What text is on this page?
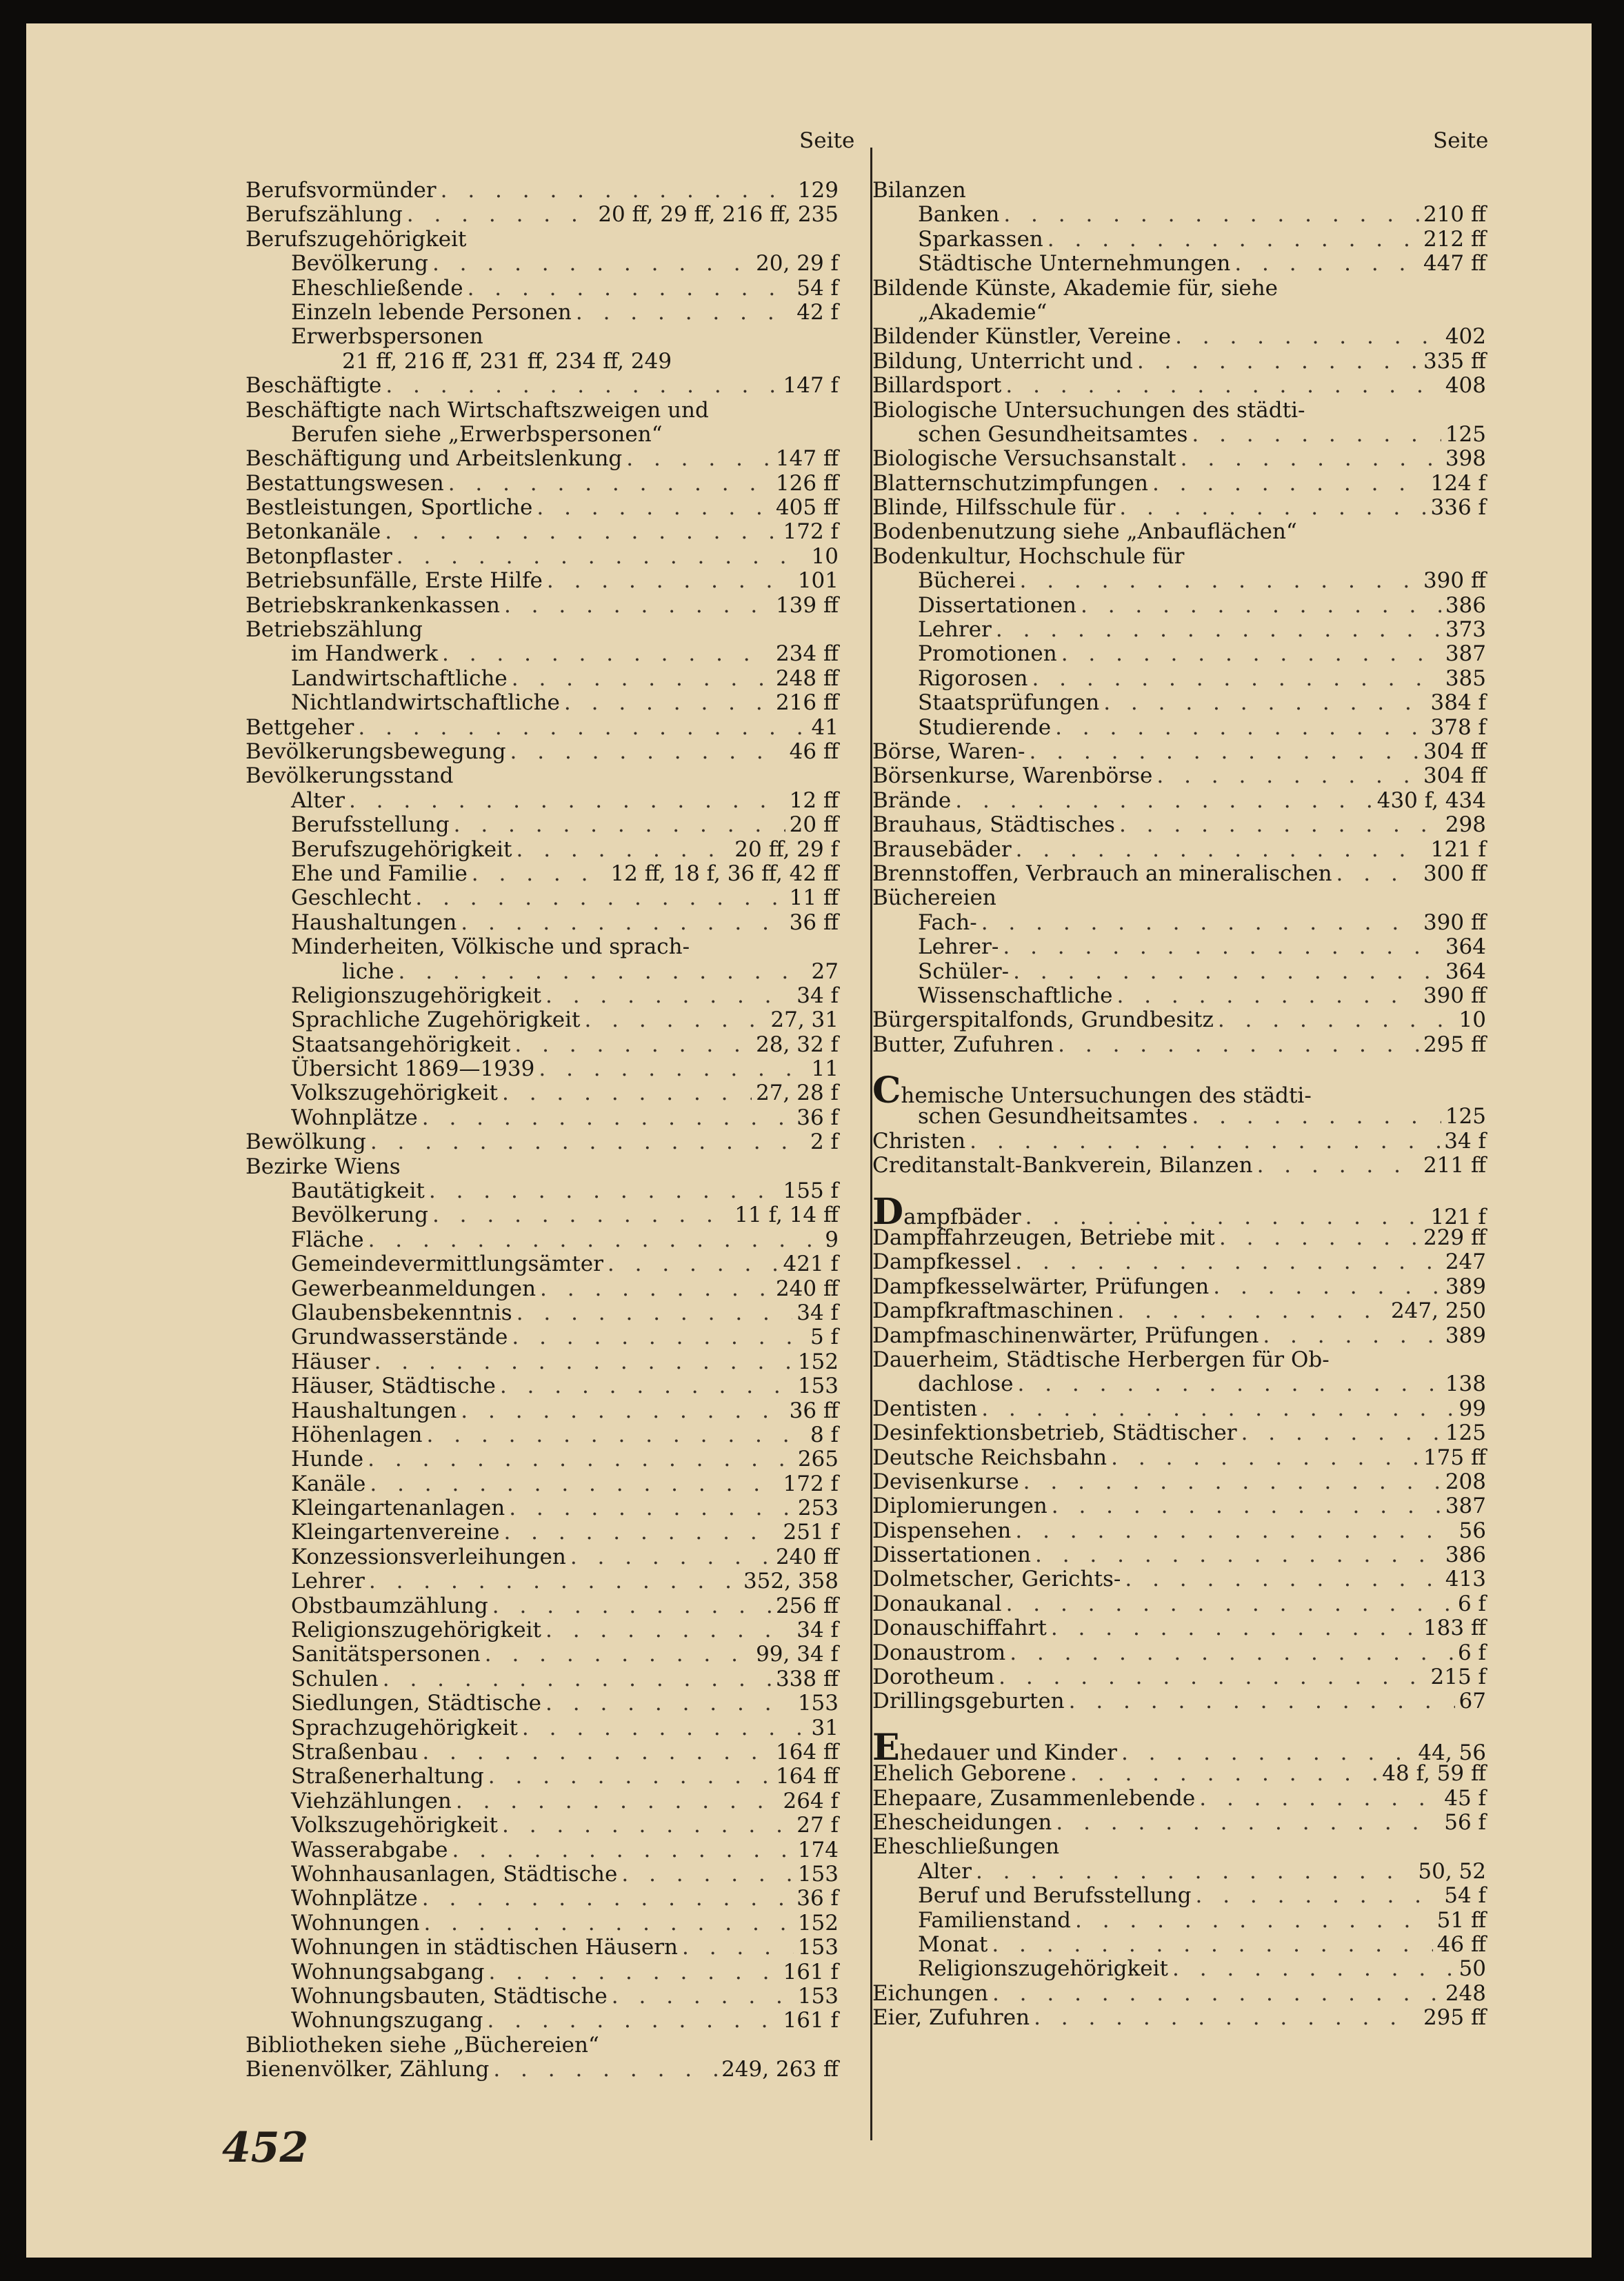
Seite
Berufsvormünder . . .	129
Berufszählung . . .	20 ff, 29 ff, 216 ff, 235
Berufszugehörigkeit
Bevölkerung . . .	20, 29 f
Eheschließende . . .	54 f
Einzeln lebende Personen . . .	42 f
Erwerbspersonen
21 ff, 216 ff, 231 ff, 234 ff, 249
Beschäftigte . . .	147 f
Beschäftigte nach Wirtschaftszweigen und
Berufen siehe „Erwerbspersonen“
Beschäftigung und Arbeitslenkung . . .	147 ff
Bestattungswesen . . .	126 ff
Bestleistungen, Sportliche . . .	405 ff
Betonkanäle . . .	172 f
Betonpflaster . . .	10
Betriebsunfälle, Erste Hilfe . . .	101
Betriebskrankenkassen . . .	139 ff
Betriebszählung
im Handwerk . . .	234 ff
Landwirtschaftliche . . .	248 ff
Nichtlandwirtschaftliche . . .	216 ff
Bettgeher . . .	41
Bevölkerungsbewegung . . .	46 ff
Bevölkerungsstand
Alter . . .	12 ff
Berufsstellung . . .	20 ff
Berufszugehörigkeit . . .	20 ff, 29 f
Ehe und Familie . . .	12 ff, 18 f, 36 ff, 42 ff
Geschlecht . . .	11 ff
Haushaltungen . . .	36 ff
Minderheiten, Völkische und sprach-
liche . . .	27
Religionszugehörigkeit . . .	34 f
Sprachliche Zugehörigkeit . . .	27, 31
Staatsangehörigkeit . . .	28, 32 f
Übersicht 1869—1939 . . .	11
Volkszugehörigkeit . . .	27, 28 f
Wohnplätze . . .	36 f
Bewölkung . . .	2 f
Bezirke Wiens
Bautätigkeit . . .	155 f
Bevölkerung . . .	11 f, 14 ff
Fläche . . .	9
Gemeindevermittlungsämter . . .	421 f
Gewerbeanmeldungen . . .	240 ff
Glaubensbekenntnis . . .	34 f
Grundwasserstände . . .	5 f
Häuser . . .	152
Häuser, Städtische . . .	153
Haushaltungen . . .	36 ff
Höhenlagen . . .	8 f
Hunde . . .	265
Kanäle . . .	172 f
Kleingartenanlagen . . .	253
Kleingartenvereine . . .	251 f
Konzessionsverleihungen . . .	240 ff
Lehrer . . .	352, 358
Obstbaumzählung . . .	256 ff
Religionszugehörigkeit . . .	34 f
Sanitätspersonen . . .	99, 34 f
Schulen . . .	338 ff
Siedlungen, Städtische . . .	153
Sprachzugehörigkeit . . .	31
Straßenbau . . .	164 ff
Straßenerhaltung . . .	164 ff
Viehzählungen . . .	264 f
Volkszugehörigkeit . . .	27 f
Wasserabgabe . . .	174
Wohnhausanlagen, Städtische . . .	153
Wohnplätze . . .	36 f
Wohnungen . . .	152
Wohnungen in städtischen Häusern . . .	153
Wohnungsabgang . . .	161 f
Wohnungsbauten, Städtische . . .	153
Wohnungszugang . . .	161 f
Bibliotheken siehe „Büchereien“
Bienenvölker, Zählung . . .	249, 263 ff
Seite
Bilanzen
Banken . . .	210 ff
Sparkassen . . .	212 ff
Städtische Unternehmungen . . .	447 ff
Bildende Künste, Akademie für, siehe
„Akademie“
Bildender Künstler, Vereine . . .	402
Bildung, Unterricht und . . .	335 ff
Billardsport . . .	408
Biologische Untersuchungen des städti-
schen Gesundheitsamtes . . .	125
Biologische Versuchsanstalt . . .	398
Blatternschutzimpfungen . . .	124 f
Blinde, Hilfsschule für . . .	336 f
Bodenbenutzung siehe „Anbauflächen“
Bodenkultur, Hochschule für
Bücherei . . .	390 ff
Dissertationen . . .	386
Lehrer . . .	373
Promotionen . . .	387
Rigorosen . . .	385
Staatsprüfungen . . .	384 f
Studierende . . .	378 f
Börse, Waren- . . .	304 ff
Börsenkurse, Warenbörse . . .	304 ff
Brände . . .	430 f, 434
Brauhaus, Städtisches . . .	298
Brausebäder . . .	121 f
Brennstoffen, Verbrauch an mineralischen . . .	300 ff
Büchereien
Fach- . . .	390 ff
Lehrer- . . .	364
Schüler- . . .	364
Wissenschaftliche . . .	390 ff
Bürgerspitalfonds, Grundbesitz . . .	10
Butter, Zufuhren . . .	295 ff
Chemische Untersuchungen des städti-
schen Gesundheitsamtes . . .	125
Christen . . .	34 f
Creditanstalt-Bankverein, Bilanzen . . .	211 ff
Dampfbäder . . .	121 f
Dampffahrzeugen, Betriebe mit . . .	229 ff
Dampfkessel . . .	247
Dampfkesselwärter, Prüfungen . . .	389
Dampfkraftmaschinen . . .	247, 250
Dampfmaschinenwärter, Prüfungen . . .	389
Dauerheim, Städtische Herbergen für Ob-
dachlose . . .	138
Dentisten . . .	99
Desinfektionsbetrieb, Städtischer . . .	125
Deutsche Reichsbahn . . .	175 ff
Devisenkurse . . .	208
Diplomierungen . . .	387
Dispensehen . . .	56
Dissertationen . . .	386
Dolmetscher, Gerichts- . . .	413
Donaukanal . . .	6 f
Donauschiffahrt . . .	183 ff
Donaustrom . . .	6 f
Dorotheum . . .	215 f
Drillingsgeburten . . .	67
Ehedauer und Kinder . . .	44, 56
Ehelich Geborene . . .	48 f, 59 ff
Ehepaare, Zusammenlebende . . .	45 f
Ehescheidungen . . .	56 f
Eheschließungen
Alter . . .	50, 52
Beruf und Berufsstellung . . .	54 f
Familienstand . . .	51 ff
Monat . . .	46 ff
Religionszugehörigkeit . . .	50
Eichungen . . .	248
Eier, Zufuhren . . .	295 ff
452
